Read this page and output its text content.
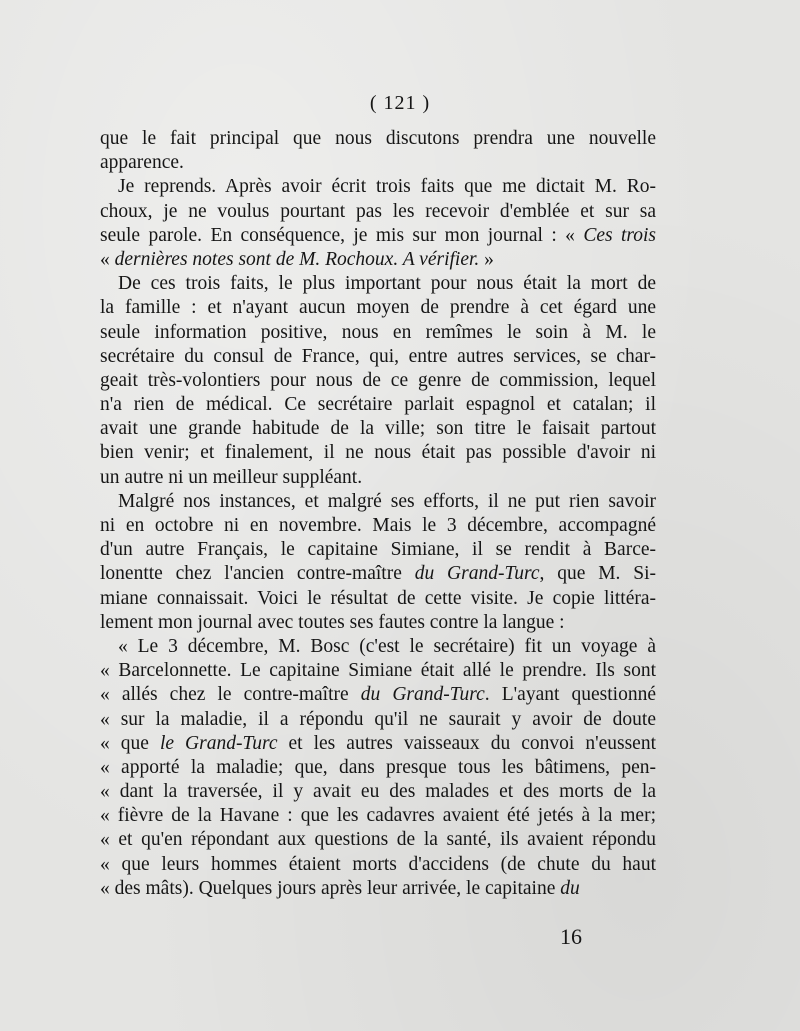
( 121 )
que le fait principal que nous discutons prendra une nouvelle
apparence.
Je reprends. Après avoir écrit trois faits que me dictait M. Ro-
choux, je ne voulus pourtant pas les recevoir d'emblée et sur sa
seule parole. En conséquence, je mis sur mon journal : « Ces trois
« dernières notes sont de M. Rochoux. A vérifier. »
De ces trois faits, le plus important pour nous était la mort de
la famille : et n'ayant aucun moyen de prendre à cet égard une
seule information positive, nous en remîmes le soin à M. le
secrétaire du consul de France, qui, entre autres services, se char-
geait très-volontiers pour nous de ce genre de commission, lequel
n'a rien de médical. Ce secrétaire parlait espagnol et catalan; il
avait une grande habitude de la ville; son titre le faisait partout
bien venir; et finalement, il ne nous était pas possible d'avoir ni
un autre ni un meilleur suppléant.
Malgré nos instances, et malgré ses efforts, il ne put rien savoir
ni en octobre ni en novembre. Mais le 3 décembre, accompagné
d'un autre Français, le capitaine Simiane, il se rendit à Barce-
lonentte chez l'ancien contre-maître du Grand-Turc, que M. Si-
miane connaissait. Voici le résultat de cette visite. Je copie littéra-
lement mon journal avec toutes ses fautes contre la langue :
« Le 3 décembre, M. Bosc (c'est le secrétaire) fit un voyage à
« Barcelonnette. Le capitaine Simiane était allé le prendre. Ils sont
« allés chez le contre-maître du Grand-Turc. L'ayant questionné
« sur la maladie, il a répondu qu'il ne saurait y avoir de doute
« que le Grand-Turc et les autres vaisseaux du convoi n'eussent
« apporté la maladie; que, dans presque tous les bâtimens, pen-
« dant la traversée, il y avait eu des malades et des morts de la
« fièvre de la Havane : que les cadavres avaient été jetés à la mer;
« et qu'en répondant aux questions de la santé, ils avaient répondu
« que leurs hommes étaient morts d'accidens (de chute du haut
« des mâts). Quelques jours après leur arrivée, le capitaine du
16
